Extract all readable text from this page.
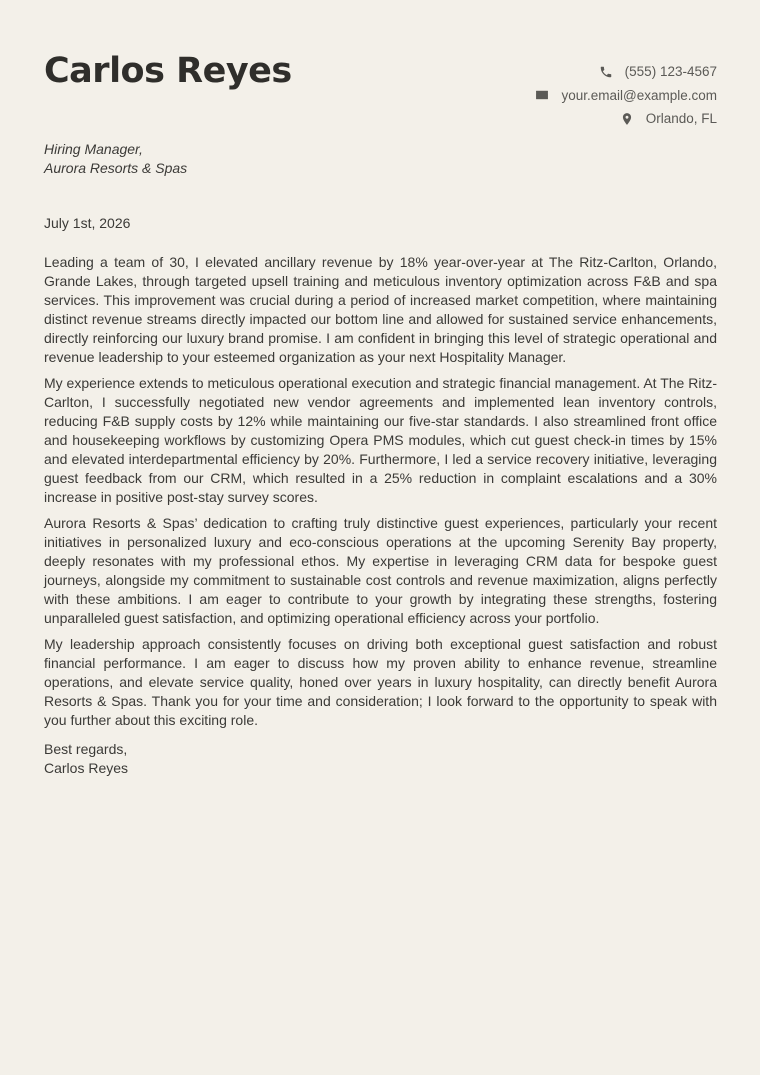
Carlos Reyes	(555) 123-4567
your.email@example.com
Orlando, FL
Hiring Manager,
Aurora Resorts & Spas
July 1st, 2026

Leading a team of 30, I elevated ancillary revenue by 18% year-over-year at The Ritz-Carlton, Orlando, Grande Lakes, through targeted upsell training and meticulous inventory optimization across F&B and spa services. This improvement was crucial during a period of increased market competition, where maintaining distinct revenue streams directly impacted our bottom line and allowed for sustained service enhancements, directly reinforcing our luxury brand promise. I am confident in bringing this level of strategic operational and revenue leadership to your esteemed organization as your next Hospitality Manager.

My experience extends to meticulous operational execution and strategic financial management. At The Ritz-Carlton, I successfully negotiated new vendor agreements and implemented lean inventory controls, reducing F&B supply costs by 12% while maintaining our five-star standards. I also streamlined front office and housekeeping workflows by customizing Opera PMS modules, which cut guest check-in times by 15% and elevated interdepartmental efficiency by 20%. Furthermore, I led a service recovery initiative, leveraging guest feedback from our CRM, which resulted in a 25% reduction in complaint escalations and a 30% increase in positive post-stay survey scores.

Aurora Resorts & Spas’ dedication to crafting truly distinctive guest experiences, particularly your recent initiatives in personalized luxury and eco-conscious operations at the upcoming Serenity Bay property, deeply resonates with my professional ethos. My expertise in leveraging CRM data for bespoke guest journeys, alongside my commitment to sustainable cost controls and revenue maximization, aligns perfectly with these ambitions. I am eager to contribute to your growth by integrating these strengths, fostering unparalleled guest satisfaction, and optimizing operational efficiency across your portfolio.

My leadership approach consistently focuses on driving both exceptional guest satisfaction and robust financial performance. I am eager to discuss how my proven ability to enhance revenue, streamline operations, and elevate service quality, honed over years in luxury hospitality, can directly benefit Aurora Resorts & Spas. Thank you for your time and consideration; I look forward to the opportunity to speak with you further about this exciting role.

Best regards,
Carlos Reyes
